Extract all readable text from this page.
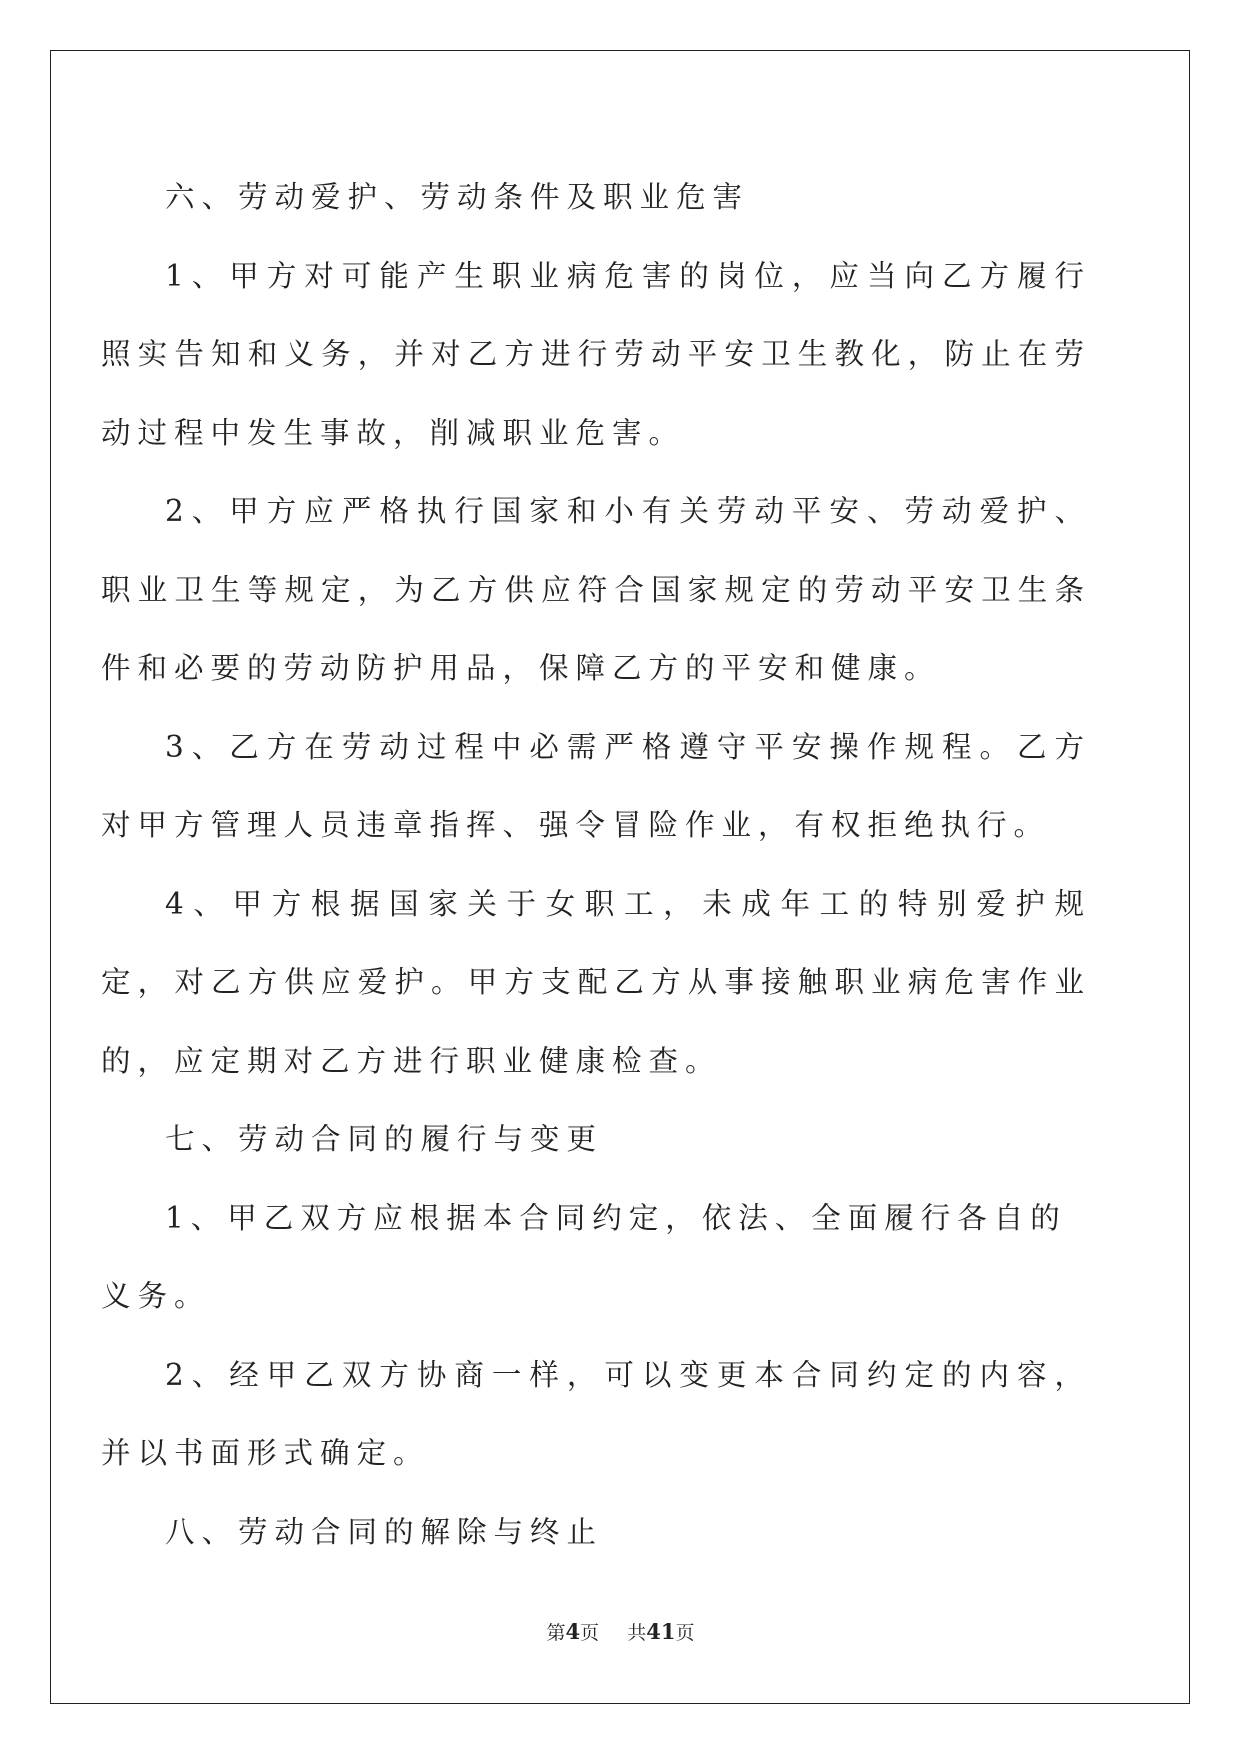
六、劳动爱护、劳动条件及职业危害

1、甲方对可能产生职业病危害的岗位，应当向乙方履行照实告知和义务，并对乙方进行劳动平安卫生教化，防止在劳动过程中发生事故，削减职业危害。

2、甲方应严格执行国家和小有关劳动平安、劳动爱护、职业卫生等规定，为乙方供应符合国家规定的劳动平安卫生条件和必要的劳动防护用品，保障乙方的平安和健康。

3、乙方在劳动过程中必需严格遵守平安操作规程。乙方对甲方管理人员违章指挥、强令冒险作业，有权拒绝执行。

4、甲方根据国家关于女职工，未成年工的特别爱护规定，对乙方供应爱护。甲方支配乙方从事接触职业病危害作业的，应定期对乙方进行职业健康检查。

七、劳动合同的履行与变更

1、甲乙双方应根据本合同约定，依法、全面履行各自的义务。

2、经甲乙双方协商一样，可以变更本合同约定的内容，并以书面形式确定。

八、劳动合同的解除与终止

第4页 共41页
